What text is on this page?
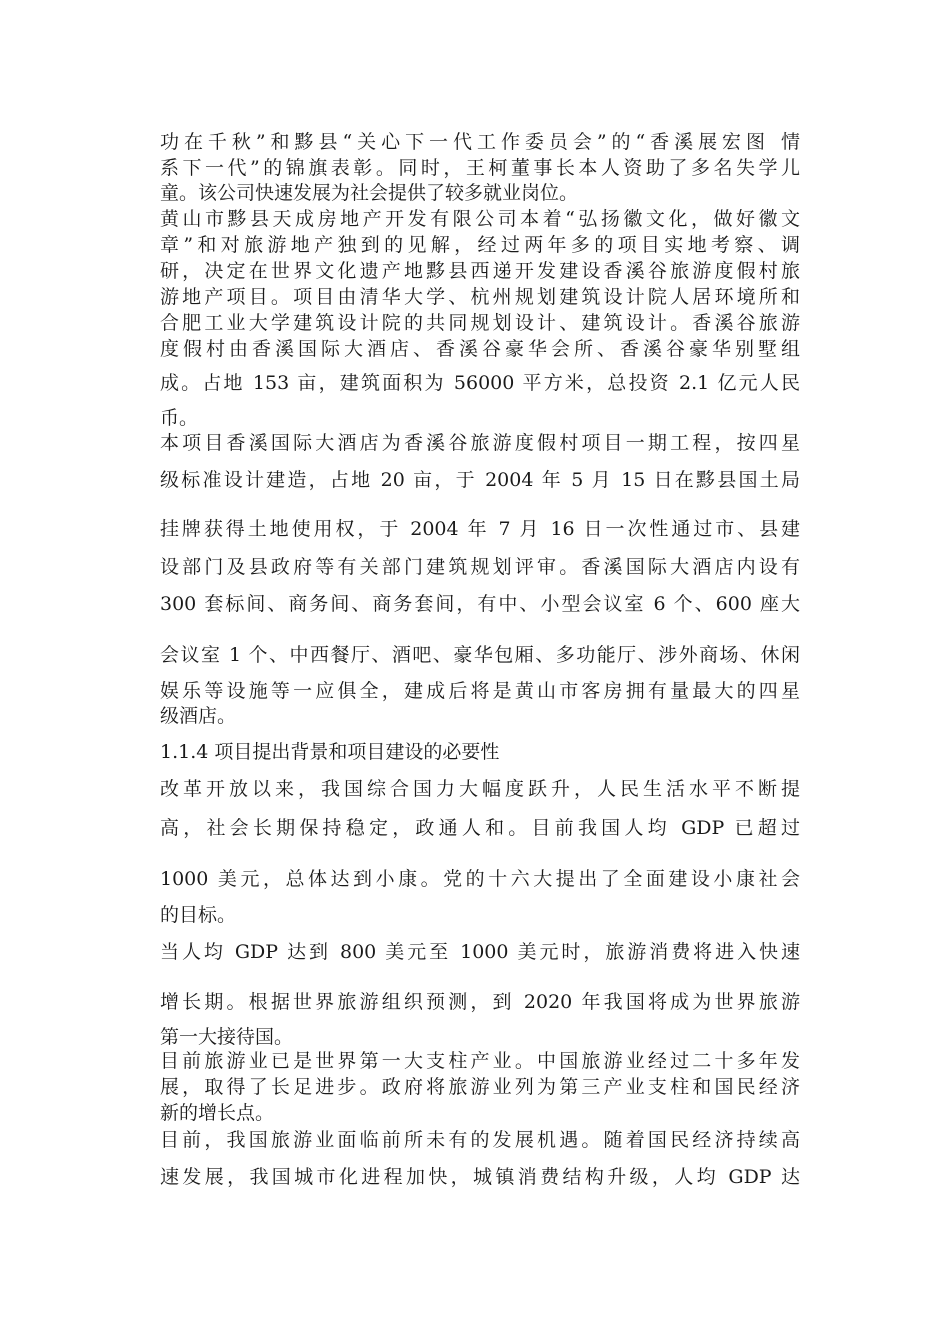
功在千秋”和黟县“关心下一代工作委员会”的“香溪展宏图 情
系下一代”的锦旗表彰。同时，王柯董事长本人资助了多名失学儿
童。该公司快速发展为社会提供了较多就业岗位。
黄山市黟县天成房地产开发有限公司本着“弘扬徽文化，做好徽文
章”和对旅游地产独到的见解，经过两年多的项目实地考察、调
研，决定在世界文化遗产地黟县西递开发建设香溪谷旅游度假村旅
游地产项目。项目由清华大学、杭州规划建筑设计院人居环境所和
合肥工业大学建筑设计院的共同规划设计、建筑设计。香溪谷旅游
度假村由香溪国际大酒店、香溪谷豪华会所、香溪谷豪华别墅组
成。占地 153 亩，建筑面积为 56000 平方米，总投资 2.1 亿元人民
币。
本项目香溪国际大酒店为香溪谷旅游度假村项目一期工程，按四星
级标准设计建造，占地 20 亩，于 2004 年 5 月 15 日在黟县国土局
挂牌获得土地使用权，于 2004 年 7 月 16 日一次性通过市、县建
设部门及县政府等有关部门建筑规划评审。香溪国际大酒店内设有
300 套标间、商务间、商务套间，有中、小型会议室 6 个、600 座大
会议室 1 个、中西餐厅、酒吧、豪华包厢、多功能厅、涉外商场、休闲
娱乐等设施等一应俱全，建成后将是黄山市客房拥有量最大的四星
级酒店。
1.1.4 项目提出背景和项目建设的必要性
改革开放以来，我国综合国力大幅度跃升，人民生活水平不断提
高，社会长期保持稳定，政通人和。目前我国人均 GDP 已超过
1000 美元，总体达到小康。党的十六大提出了全面建设小康社会
的目标。
当人均 GDP 达到 800 美元至 1000 美元时，旅游消费将进入快速
增长期。根据世界旅游组织预测，到 2020 年我国将成为世界旅游
第一大接待国。
目前旅游业已是世界第一大支柱产业。中国旅游业经过二十多年发
展，取得了长足进步。政府将旅游业列为第三产业支柱和国民经济
新的增长点。
目前，我国旅游业面临前所未有的发展机遇。随着国民经济持续高
速发展，我国城市化进程加快，城镇消费结构升级，人均 GDP 达
